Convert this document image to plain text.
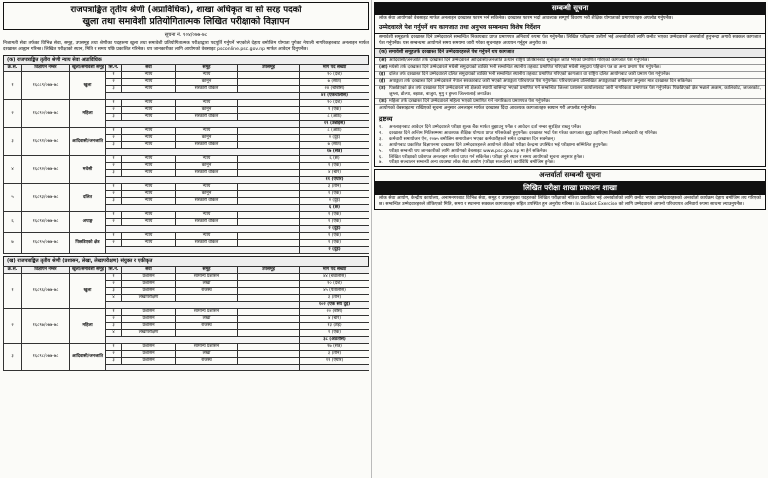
राजपत्राङ्कित तृतीय श्रेणी (अप्राविधिक), शाखा अधिकृत वा सो सरह पदको
खुला तथा समावेशी प्रतियोगितात्मक लिखित परीक्षाको विज्ञापन
सूचना नं. १०४/०७७-७८
निजामती सेवा तर्फका विभिन्न सेवा, समूह, उपसमूह तथा श्रेणीका पदहरुमा खुला तथा समावेशी प्रतियोगितात्मक परीक्षाद्वारा पदपूर्ति गर्नुपर्ने भएकोले देहाय बमोजिम योग्यता पुगेका नेपाली नागरिकहरुबाट अनलाइन मार्फत दरखास्त आह्वान गरिन्छ। लिखित परीक्षाको स्थान, मिति र समय पछि प्रकाशित गरिनेछ। थप जानकारीका लागि आयोगको वेबसाइट psconline.psc.gov.np मार्फत आवेदन दिनुपर्नेछ।
(क) राजपत्राङ्कित तृतीय श्रेणी न्याय सेवा अप्राविधिक
क्र.सं.	विज्ञापन नम्बर	खुला/समावेशी समूह	सि.नं.	सेवा	समूह	उपसमूह	माग पद संख्या
१	१६८८९/०७७-७८	खुला	१	न्याय	न्याय		१० (दश)
			२	न्याय	कानून		७ (सात)
			३	न्याय	सरकारी वकिल		२४ (चौबीस)
							४१ (एकचालीस)
२	१६८९०/०७७-७८	महिला	१	न्याय	न्याय		१० (दश)
			२	न्याय	कानून		१ (एक)
			३	न्याय	सरकारी वकिल		८ (आठ)
							१९ (उन्नाइस)
३	१६८९१/०७७-७८	आदिवासी/जनजाति	१	न्याय	न्याय		८ (आठ)
			२	न्याय	कानून		२ (दुई)
			३	न्याय	सरकारी वकिल		७ (सात)
							१७ (सत्र)
४	१६८९२/०७७-७८	मधेसी	१	न्याय	न्याय		६ (छ)
			२	न्याय	कानून		१ (एक)
			३	न्याय	सरकारी वकिल		४ (चार)
							११ (एघार)
५	१६८९३/०७७-७८	दलित	१	न्याय	न्याय		३ (तीन)
			२	न्याय	कानून		१ (एक)
			३	न्याय	सरकारी वकिल		२ (दुई)
							६ (छ)
६	१६८९४/०७७-७८	अपाङ्ग	१	न्याय	न्याय		१ (एक)
			२	न्याय	सरकारी वकिल		१ (एक)
							२ (दुई)
७	१६८९५/०७७-७८	पिछडिएको क्षेत्र	१	न्याय	न्याय		१ (एक)
			२	न्याय	सरकारी वकिल		१ (एक)
							२ (दुई)
(ख) राजपत्राङ्कित तृतीय श्रेणी (प्रशासन, लेखा, लेखापरीक्षण) संयुक्त र एकीकृत
क्र.सं.	विज्ञापन नम्बर	खुला/समावेशी समूह	सि.नं.	सेवा	समूह	उपसमूह	माग पद संख्या
१	१६८९६/०७७-७८	खुला	१	प्रशासन	सामान्य प्रशासन		४४ (चवालीस)
			२	प्रशासन	लेखा		१० (दश)
			३	प्रशासन	राजस्व		४५ (पैंतालीस)
			४	लेखापरीक्षण			३ (तीन)
							१०२ (एक सय दुई)
२	१६८९७/०७७-७८	महिला	१	प्रशासन	सामान्य प्रशासन		२० (बीस)
			२	प्रशासन	लेखा		४ (चार)
			३	प्रशासन	राजस्व		१३ (तेह्र)
			४	लेखापरीक्षण			१ (एक)
							३८ (अठतीस)
३	१६८९८/०७७-७८	आदिवासी/जनजाति	१	प्रशासन	सामान्य प्रशासन		१७ (सत्र)
			२	प्रशासन	लेखा		३ (तीन)
			३	प्रशासन	राजस्व		११ (एघार)

सम्बन्धी सूचना
लोक सेवा आयोगको वेबसाइट मार्फत अनलाइन दरखास्त फारम भर्न सकिनेछ। दरखास्त फारम भर्दा आवश्यक सम्पूर्ण विवरण भरी शैक्षिक योग्यताको प्रमाणपत्रहरु अपलोड गर्नुपर्नेछ।
उम्मेदवारले पेश गर्नुपर्ने थप कागजात तथा अनुभव सम्बन्धमा विशेष निर्देशन
समावेशी समूहतर्फ दरखास्त दिने उम्मेदवारले सम्बन्धित निकायबाट प्राप्त प्रमाणपत्र अनिवार्य रुपमा पेश गर्नुपर्नेछ। लिखित परीक्षामा उत्तीर्ण भई अन्तर्वार्ताको लागि छनौट भएका उम्मेदवारले अन्तर्वार्ता हुनुभन्दा अगावै सक्कल कागजात पेश गर्नुपर्नेछ। यस सम्बन्धमा आयोगले समय समयमा जारी गरेका सूचनाहरु अध्ययन गर्नुहुन अनुरोध छ।
(क) समावेशी समूहतर्फ दरखास्त दिने उम्मेदवारहरुले पेश गर्नुपर्ने थप कागजात
(अ) आदिवासी/जनजाति तर्फ दरखास्त दिने उम्मेदवारले आदिवासी/जनजाति उत्थान राष्ट्रिय प्रतिष्ठानबाट सूचीकृत जाति भएको प्रमाणित गरिएको कागजात पेश गर्नुपर्नेछ।
(आ) मधेसी तर्फ दरखास्त दिने उम्मेदवारले मधेसी समुदायको व्यक्ति भनी सम्बन्धित स्थानीय तहबाट प्रमाणित गरिएको मधेसी समुदाय पहिचान पत्र वा अन्य प्रमाण पेश गर्नुपर्नेछ।
(इ) दलित तर्फ दरखास्त दिने उम्मेदवारले दलित समुदायको व्यक्ति भनी सम्बन्धित स्थानीय तहबाट प्रमाणित गरिएको कागजात वा राष्ट्रिय दलित आयोगबाट जारी प्रमाण पेश गर्नुपर्नेछ।
(ई) अपाङ्गता तर्फ दरखास्त दिने उम्मेदवारले नेपाल सरकारबाट जारी भएको अपाङ्गता परिचयपत्र पेश गर्नुपर्नेछ। परिचयपत्रमा उल्लिखित अपाङ्गताको वर्गीकरण अनुसार मात्र दरखास्त दिन सकिनेछ।
(उ) पिछडिएको क्षेत्र तर्फ दरखास्त दिने उम्मेदवारले सो क्षेत्रको स्थायी बासिन्दा भएको प्रमाणित गर्ने सम्बन्धित जिल्ला प्रशासन कार्यालयबाट जारी नागरिकता प्रमाणपत्र पेश गर्नुपर्नेछ। पिछडिएको क्षेत्र भन्नाले अछाम, कालिकोट, जाजरकोट, जुम्ला, डोल्पा, बझाङ, बाजुरा, मुगु र हुम्ला जिल्लालाई जनाउँछ।
(ऊ) महिला तर्फ दरखास्त दिने उम्मेदवारले महिला भएको प्रमाणित गर्ने नागरिकता प्रमाणपत्र पेश गर्नुपर्नेछ।
आयोगको वेबसाइटमा राखिएको सूचना अनुसार अनलाइन मार्फत दरखास्त दिंदा आवश्यक कागजातहरु स्क्यान गरी अपलोड गर्नुपर्नेछ।
द्रष्टव्य
१.	अनलाइनबाट आवेदन दिने उम्मेदवारले परीक्षा शुल्क बैंक मार्फत बुझाउनु पर्नेछ र आवेदन दर्ता नम्बर सुरक्षित राख्नु पर्नेछ।
२.	दरखास्त दिने अन्तिम मितिसम्ममा आवश्यक शैक्षिक योग्यता प्राप्त गरिसकेको हुनुपर्नेछ। दरखास्त भर्दा पेश गरेका कागजात झुट्ठा ठहरिएमा निजको उम्मेदवारी रद्द गरिनेछ।
३.	कर्मचारी समायोजन ऐन, २०७५ बमोजिम समायोजन भएका कर्मचारीहरुले समेत दरखास्त दिन सक्नेछन्।
४.	आयोगबाट प्रकाशित विज्ञापनमा दरखास्त दिने उम्मेदवारहरुले आयोगले तोकेको परीक्षा केन्द्रमा उपस्थित भई परीक्षामा सम्मिलित हुनुपर्नेछ।
५.	परीक्षा सम्बन्धी थप जानकारीको लागि आयोगको वेबसाइट www.psc.gov.np मा हेर्न सकिनेछ।
६.	लिखित परीक्षाको प्रवेशपत्र अनलाइन मार्फत प्राप्त गर्न सकिनेछ। परीक्षा हुने स्थान र समय आयोगको सूचना अनुसार हुनेछ।
७.	परीक्षा सञ्चालन सम्बन्धी अन्य व्यवस्था लोक सेवा आयोग (परीक्षा सञ्चालन) कार्यविधि बमोजिम हुनेछ।
अन्तर्वार्ता सम्बन्धी सूचना
लिखित परीक्षा शाखा प्रकाशन शाखा
लोक सेवा आयोग, केन्द्रीय कार्यालय, अनामनगरबाट विभिन्न सेवा, समूह र उपसमूहका पदहरुको लिखित परीक्षाको नतिजा प्रकाशित भई अन्तर्वार्ताको लागि छनौट भएका उम्मेदवारहरुको अन्तर्वार्ता कार्यक्रम देहाय बमोजिम तय गरिएको छ। सम्बन्धित उम्मेदवारहरुले तोकिएको मिति, समय र स्थानमा सक्कल कागजातहरु सहित उपस्थित हुन अनुरोध गरिन्छ। In Basket Exercise को लागि उम्मेदवारले आफ्नो परिचयपत्र अनिवार्य रुपमा साथमा ल्याउनुपर्नेछ।
